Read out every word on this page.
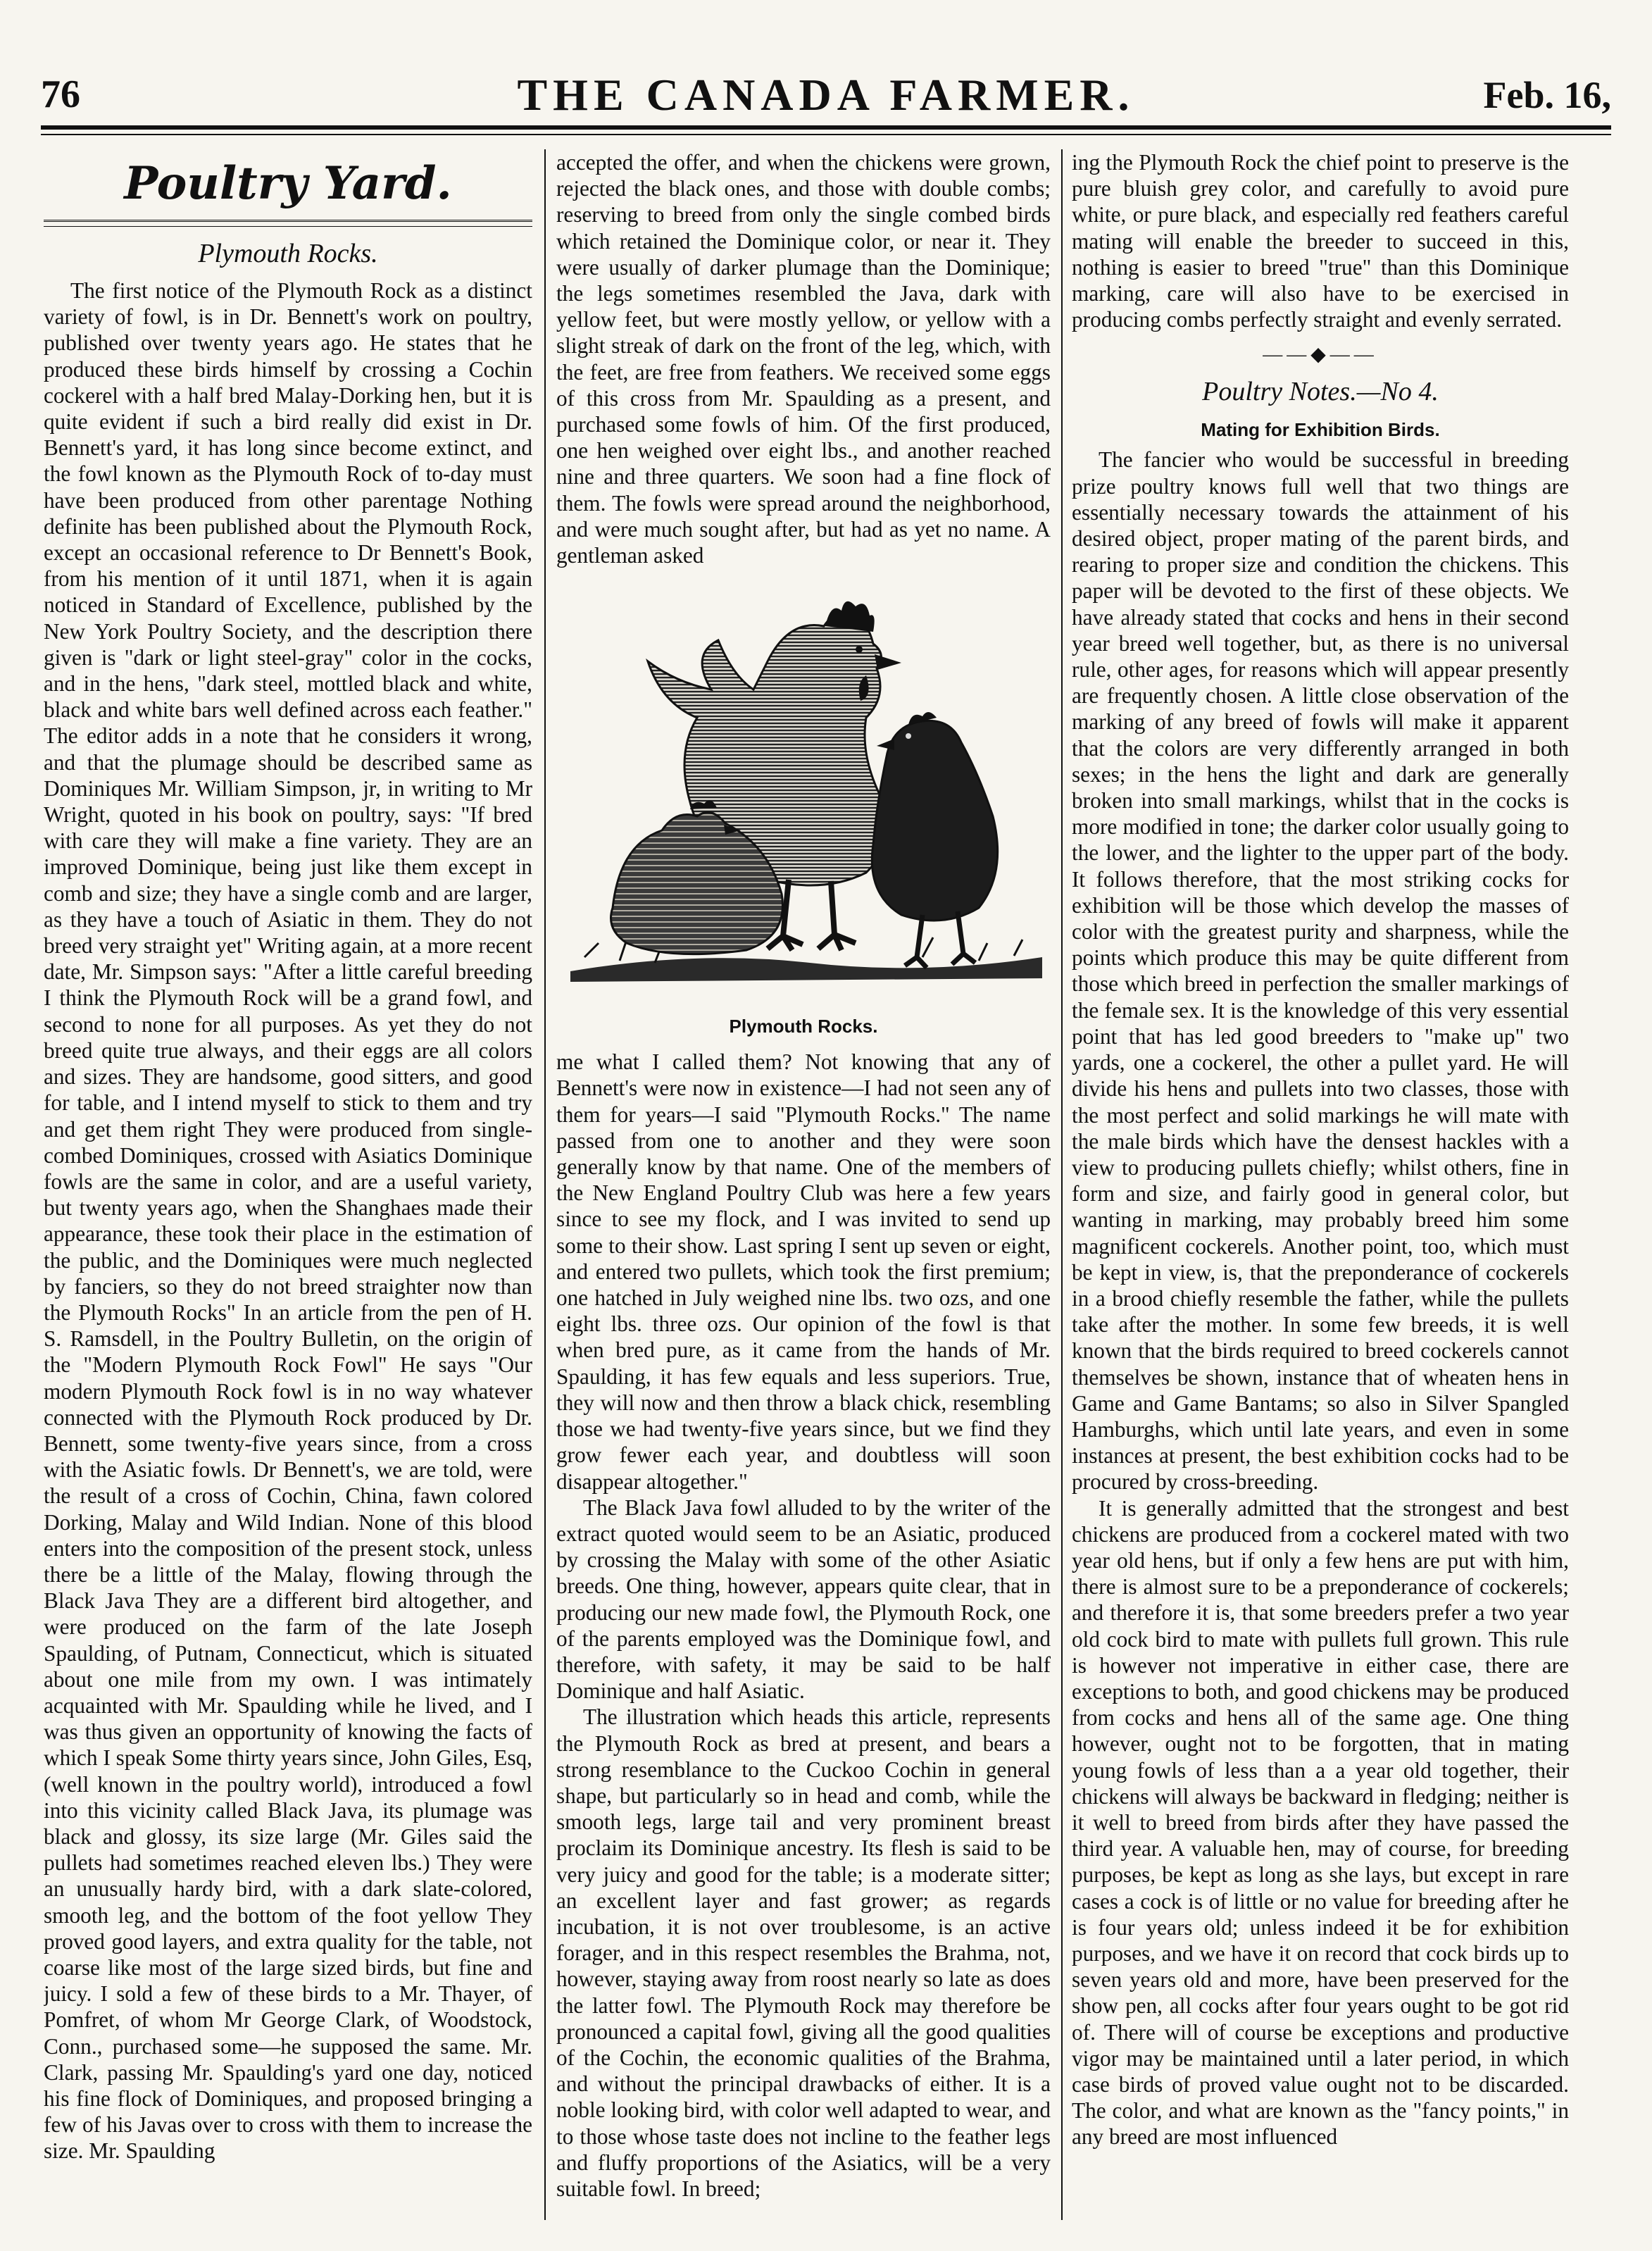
76	THE CANADA FARMER.	Feb. 16,
Poultry Yard.
Plymouth Rocks.

The first notice of the Plymouth Rock as a distinct variety of fowl, is in Dr. Bennett's work on poultry, published over twenty years ago. He states that he produced these birds himself by crossing a Cochin cockerel with a half bred Malay-Dorking hen, but it is quite evident if such a bird really did exist in Dr. Bennett's yard, it has long since become extinct, and the fowl known as the Plymouth Rock of to-day must have been produced from other parentage Nothing definite has been published about the Plymouth Rock, except an occasional reference to Dr Bennett's Book, from his mention of it until 1871, when it is again noticed in Standard of Excellence, published by the New York Poultry Society, and the description there given is "dark or light steel-gray" color in the cocks, and in the hens, "dark steel, mottled black and white, black and white bars well defined across each feather." The editor adds in a note that he considers it wrong, and that the plumage should be described same as Dominiques Mr. William Simpson, jr, in writing to Mr Wright, quoted in his book on poultry, says: "If bred with care they will make a fine variety. They are an improved Dominique, being just like them except in comb and size; they have a single comb and are larger, as they have a touch of Asiatic in them. They do not breed very straight yet" Writing again, at a more recent date, Mr. Simpson says: "After a little careful breeding I think the Plymouth Rock will be a grand fowl, and second to none for all purposes. As yet they do not breed quite true always, and their eggs are all colors and sizes. They are handsome, good sitters, and good for table, and I intend myself to stick to them and try and get them right They were produced from single-combed Dominiques, crossed with Asiatics Dominique fowls are the same in color, and are a useful variety, but twenty years ago, when the Shanghaes made their appearance, these took their place in the estimation of the public, and the Dominiques were much neglected by fanciers, so they do not breed straighter now than the Plymouth Rocks" In an article from the pen of H. S. Ramsdell, in the Poultry Bulletin, on the origin of the "Modern Plymouth Rock Fowl" He says "Our modern Plymouth Rock fowl is in no way whatever connected with the Plymouth Rock produced by Dr. Bennett, some twenty-five years since, from a cross with the Asiatic fowls. Dr Bennett's, we are told, were the result of a cross of Cochin, China, fawn colored Dorking, Malay and Wild Indian. None of this blood enters into the composition of the present stock, unless there be a little of the Malay, flowing through the Black Java They are a different bird altogether, and were produced on the farm of the late Joseph Spaulding, of Putnam, Connecticut, which is situated about one mile from my own. I was intimately acquainted with Mr. Spaulding while he lived, and I was thus given an opportunity of knowing the facts of which I speak Some thirty years since, John Giles, Esq, (well known in the poultry world), introduced a fowl into this vicinity called Black Java, its plumage was black and glossy, its size large (Mr. Giles said the pullets had sometimes reached eleven lbs.) They were an unusually hardy bird, with a dark slate-colored, smooth leg, and the bottom of the foot yellow They proved good layers, and extra quality for the table, not coarse like most of the large sized birds, but fine and juicy. I sold a few of these birds to a Mr. Thayer, of Pomfret, of whom Mr George Clark, of Woodstock, Conn., purchased some—he supposed the same. Mr. Clark, passing Mr. Spaulding's yard one day, noticed his fine flock of Dominiques, and proposed bringing a few of his Javas over to cross with them to increase the size. Mr. Spaulding

accepted the offer, and when the chickens were grown, rejected the black ones, and those with double combs; reserving to breed from only the single combed birds which retained the Dominique color, or near it. They were usually of darker plumage than the Dominique; the legs sometimes resembled the Java, dark with yellow feet, but were mostly yellow, or yellow with a slight streak of dark on the front of the leg, which, with the feet, are free from feathers. We received some eggs of this cross from Mr. Spaulding as a present, and purchased some fowls of him. Of the first produced, one hen weighed over eight lbs., and another reached nine and three quarters. We soon had a fine flock of them. The fowls were spread around the neighborhood, and were much sought after, but had as yet no name. A gentleman asked

Plymouth Rocks.

me what I called them? Not knowing that any of Bennett's were now in existence—I had not seen any of them for years—I said "Plymouth Rocks." The name passed from one to another and they were soon generally know by that name. One of the members of the New England Poultry Club was here a few years since to see my flock, and I was invited to send up some to their show. Last spring I sent up seven or eight, and entered two pullets, which took the first premium; one hatched in July weighed nine lbs. two ozs, and one eight lbs. three ozs. Our opinion of the fowl is that when bred pure, as it came from the hands of Mr. Spaulding, it has few equals and less superiors. True, they will now and then throw a black chick, resembling those we had twenty-five years since, but we find they grow fewer each year, and doubtless will soon disappear altogether."

The Black Java fowl alluded to by the writer of the extract quoted would seem to be an Asiatic, produced by crossing the Malay with some of the other Asiatic breeds. One thing, however, appears quite clear, that in producing our new made fowl, the Plymouth Rock, one of the parents employed was the Dominique fowl, and therefore, with safety, it may be said to be half Dominique and half Asiatic.

The illustration which heads this article, represents the Plymouth Rock as bred at present, and bears a strong resemblance to the Cuckoo Cochin in general shape, but particularly so in head and comb, while the smooth legs, large tail and very prominent breast proclaim its Dominique ancestry. Its flesh is said to be very juicy and good for the table; is a moderate sitter; an excellent layer and fast grower; as regards incubation, it is not over troublesome, is an active forager, and in this respect resembles the Brahma, not, however, staying away from roost nearly so late as does the latter fowl. The Plymouth Rock may therefore be pronounced a capital fowl, giving all the good qualities of the Cochin, the economic qualities of the Brahma, and without the principal drawbacks of either. It is a noble looking bird, with color well adapted to wear, and to those whose taste does not incline to the feather legs and fluffy proportions of the Asiatics, will be a very suitable fowl. In breed;

ing the Plymouth Rock the chief point to preserve is the pure bluish grey color, and carefully to avoid pure white, or pure black, and especially red feathers careful mating will enable the breeder to succeed in this, nothing is easier to breed "true" than this Dominique marking, care will also have to be exercised in producing combs perfectly straight and evenly serrated.

——◆——
Poultry Notes.—No 4.
Mating for Exhibition Birds.

The fancier who would be successful in breeding prize poultry knows full well that two things are essentially necessary towards the attainment of his desired object, proper mating of the parent birds, and rearing to proper size and condition the chickens. This paper will be devoted to the first of these objects. We have already stated that cocks and hens in their second year breed well together, but, as there is no universal rule, other ages, for reasons which will appear presently are frequently chosen. A little close observation of the marking of any breed of fowls will make it apparent that the colors are very differently arranged in both sexes; in the hens the light and dark are generally broken into small markings, whilst that in the cocks is more modified in tone; the darker color usually going to the lower, and the lighter to the upper part of the body. It follows therefore, that the most striking cocks for exhibition will be those which develop the masses of color with the greatest purity and sharpness, while the points which produce this may be quite different from those which breed in perfection the smaller markings of the female sex. It is the knowledge of this very essential point that has led good breeders to "make up" two yards, one a cockerel, the other a pullet yard. He will divide his hens and pullets into two classes, those with the most perfect and solid markings he will mate with the male birds which have the densest hackles with a view to producing pullets chiefly; whilst others, fine in form and size, and fairly good in general color, but wanting in marking, may probably breed him some magnificent cockerels. Another point, too, which must be kept in view, is, that the preponderance of cockerels in a brood chiefly resemble the father, while the pullets take after the mother. In some few breeds, it is well known that the birds required to breed cockerels cannot themselves be shown, instance that of wheaten hens in Game and Game Bantams; so also in Silver Spangled Hamburghs, which until late years, and even in some instances at present, the best exhibition cocks had to be procured by cross-breeding.

It is generally admitted that the strongest and best chickens are produced from a cockerel mated with two year old hens, but if only a few hens are put with him, there is almost sure to be a preponderance of cockerels; and therefore it is, that some breeders prefer a two year old cock bird to mate with pullets full grown. This rule is however not imperative in either case, there are exceptions to both, and good chickens may be produced from cocks and hens all of the same age. One thing however, ought not to be forgotten, that in mating young fowls of less than a a year old together, their chickens will always be backward in fledging; neither is it well to breed from birds after they have passed the third year. A valuable hen, may of course, for breeding purposes, be kept as long as she lays, but except in rare cases a cock is of little or no value for breeding after he is four years old; unless indeed it be for exhibition purposes, and we have it on record that cock birds up to seven years old and more, have been preserved for the show pen, all cocks after four years ought to be got rid of. There will of course be exceptions and productive vigor may be maintained until a later period, in which case birds of proved value ought not to be discarded. The color, and what are known as the "fancy points," in any breed are most influenced
